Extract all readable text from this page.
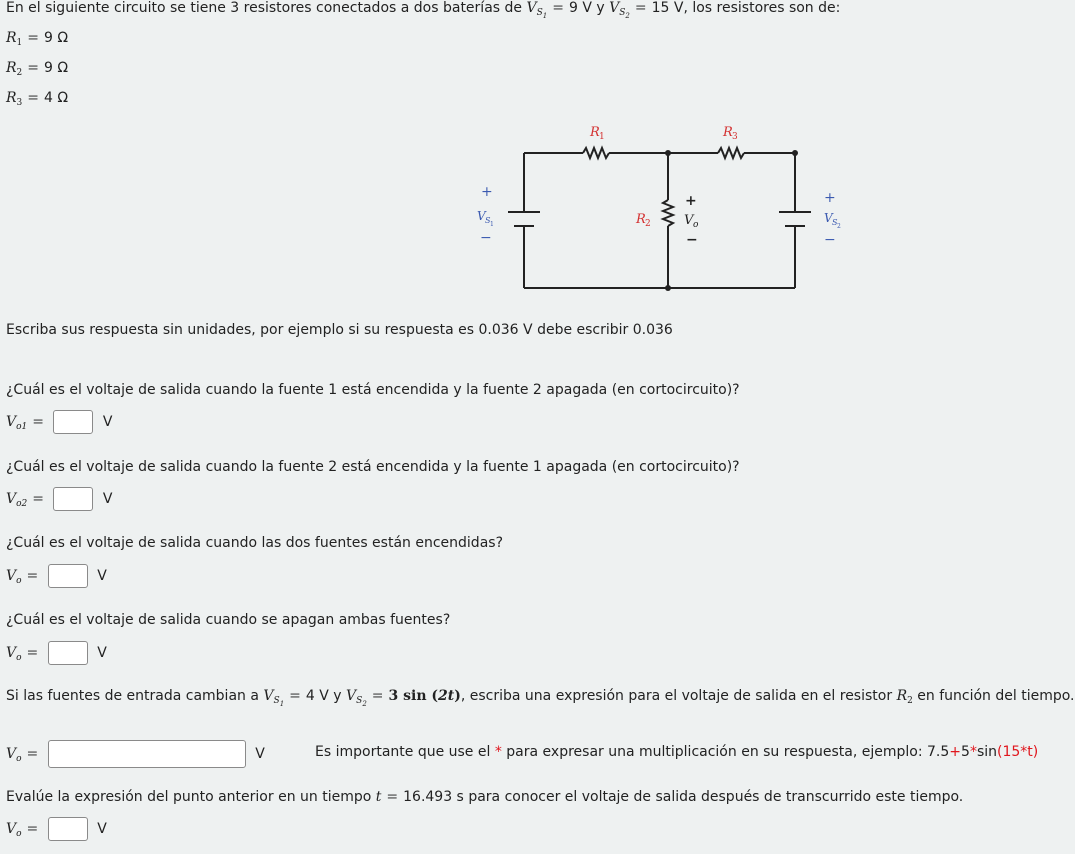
En el siguiente circuito se tiene 3 resistores conectados a dos baterías de $V_{S_1} = 9$ V y $V_{S_2} = 15$ V, los resistores son de:
$R_1 = 9$ Ω
$R_2 = 9$ Ω
$R_3 = 4$ Ω
R 1	R 3
R 2
+
V S 1
−
+
V o
−
+
V S 2
−
Escriba sus respuesta sin unidades, por ejemplo si su respuesta es 0.036 V debe escribir 0.036
¿Cuál es el voltaje de salida cuando la fuente 1 está encendida y la fuente 2 apagada (en cortocircuito)?
$V_{o1}$ =	V
¿Cuál es el voltaje de salida cuando la fuente 2 está encendida y la fuente 1 apagada (en cortocircuito)?
$V_{o2}$ =	V
¿Cuál es el voltaje de salida cuando las dos fuentes están encendidas?
$V_o$ =	V
¿Cuál es el voltaje de salida cuando se apagan ambas fuentes?
$V_o$ =	V
Si las fuentes de entrada cambian a $V_{S_1} = 4$ V y $V_{S_2} = 3$ sin (2t), escriba una expresión para el voltaje de salida en el resistor $R_2$ en función del tiempo.
$V_o$ =	V	Es importante que use el * para expresar una multiplicación en su respuesta, ejemplo: 7.5+5*sin(15*t)
Evalúe la expresión del punto anterior en un tiempo t = 16.493 s para conocer el voltaje de salida después de transcurrido este tiempo.
$V_o$ =	V
